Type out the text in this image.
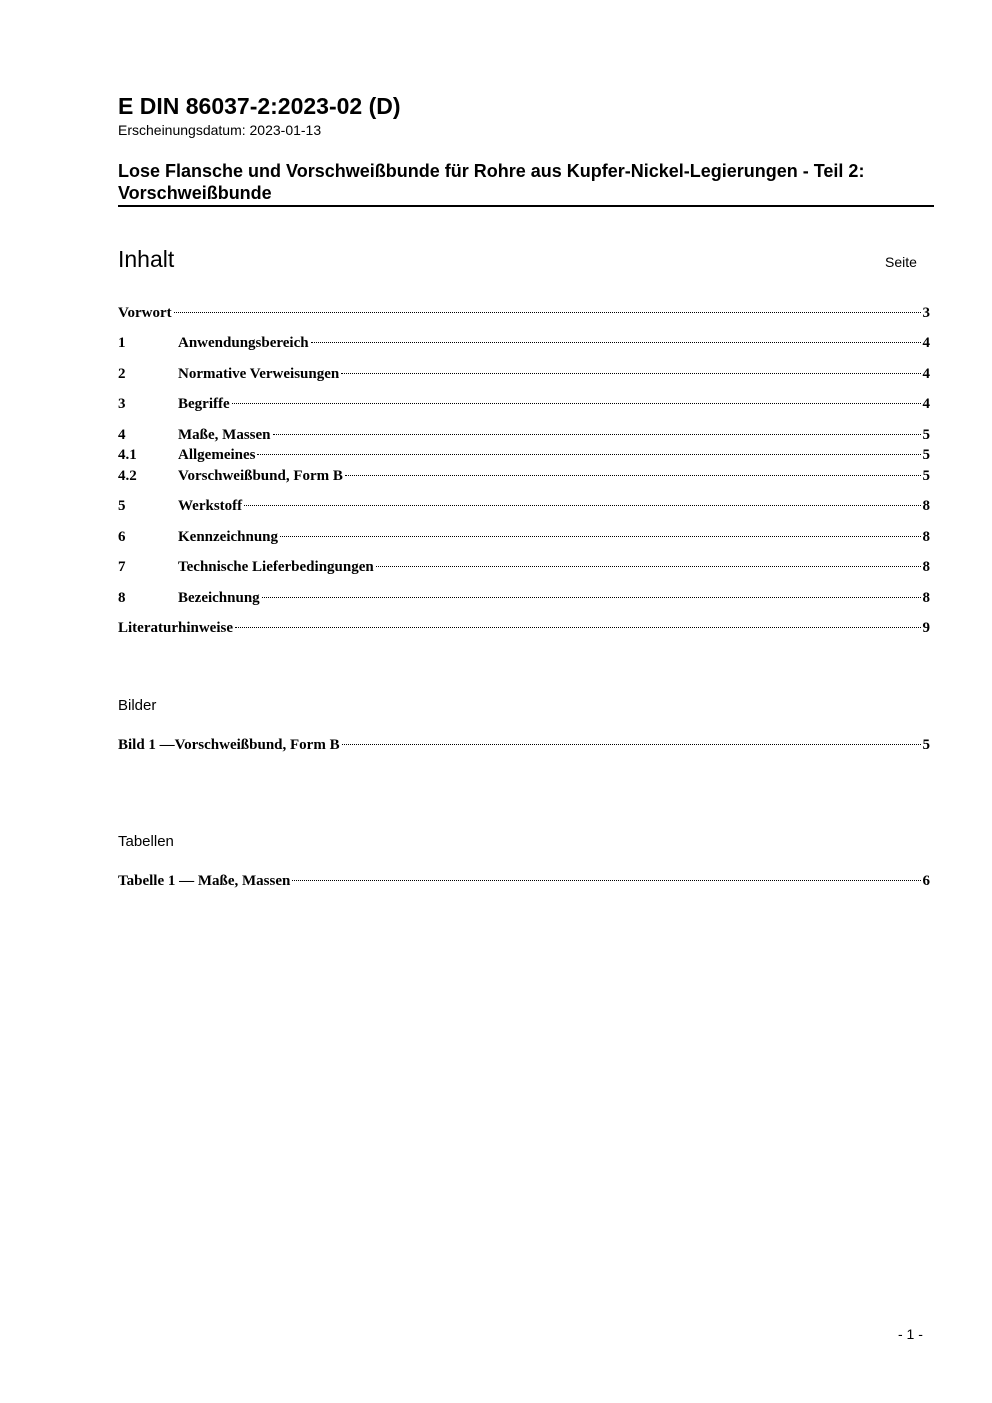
E DIN 86037-2:2023-02 (D)
Erscheinungsdatum: 2023-01-13
Lose Flansche und Vorschweißbunde für Rohre aus Kupfer-Nickel-Legierungen - Teil 2: Vorschweißbunde
Inhalt	Seite
Vorwort	3
1	Anwendungsbereich	4
2	Normative Verweisungen	4
3	Begriffe	4
4	Maße, Massen	5
4.1	Allgemeines	5
4.2	Vorschweißbund, Form B	5
5	Werkstoff	8
6	Kennzeichnung	8
7	Technische Lieferbedingungen	8
8	Bezeichnung	8
Literaturhinweise	9
Bilder
Bild 1 —Vorschweißbund, Form B	5
Tabellen
Tabelle 1 — Maße, Massen	6
- 1 -
